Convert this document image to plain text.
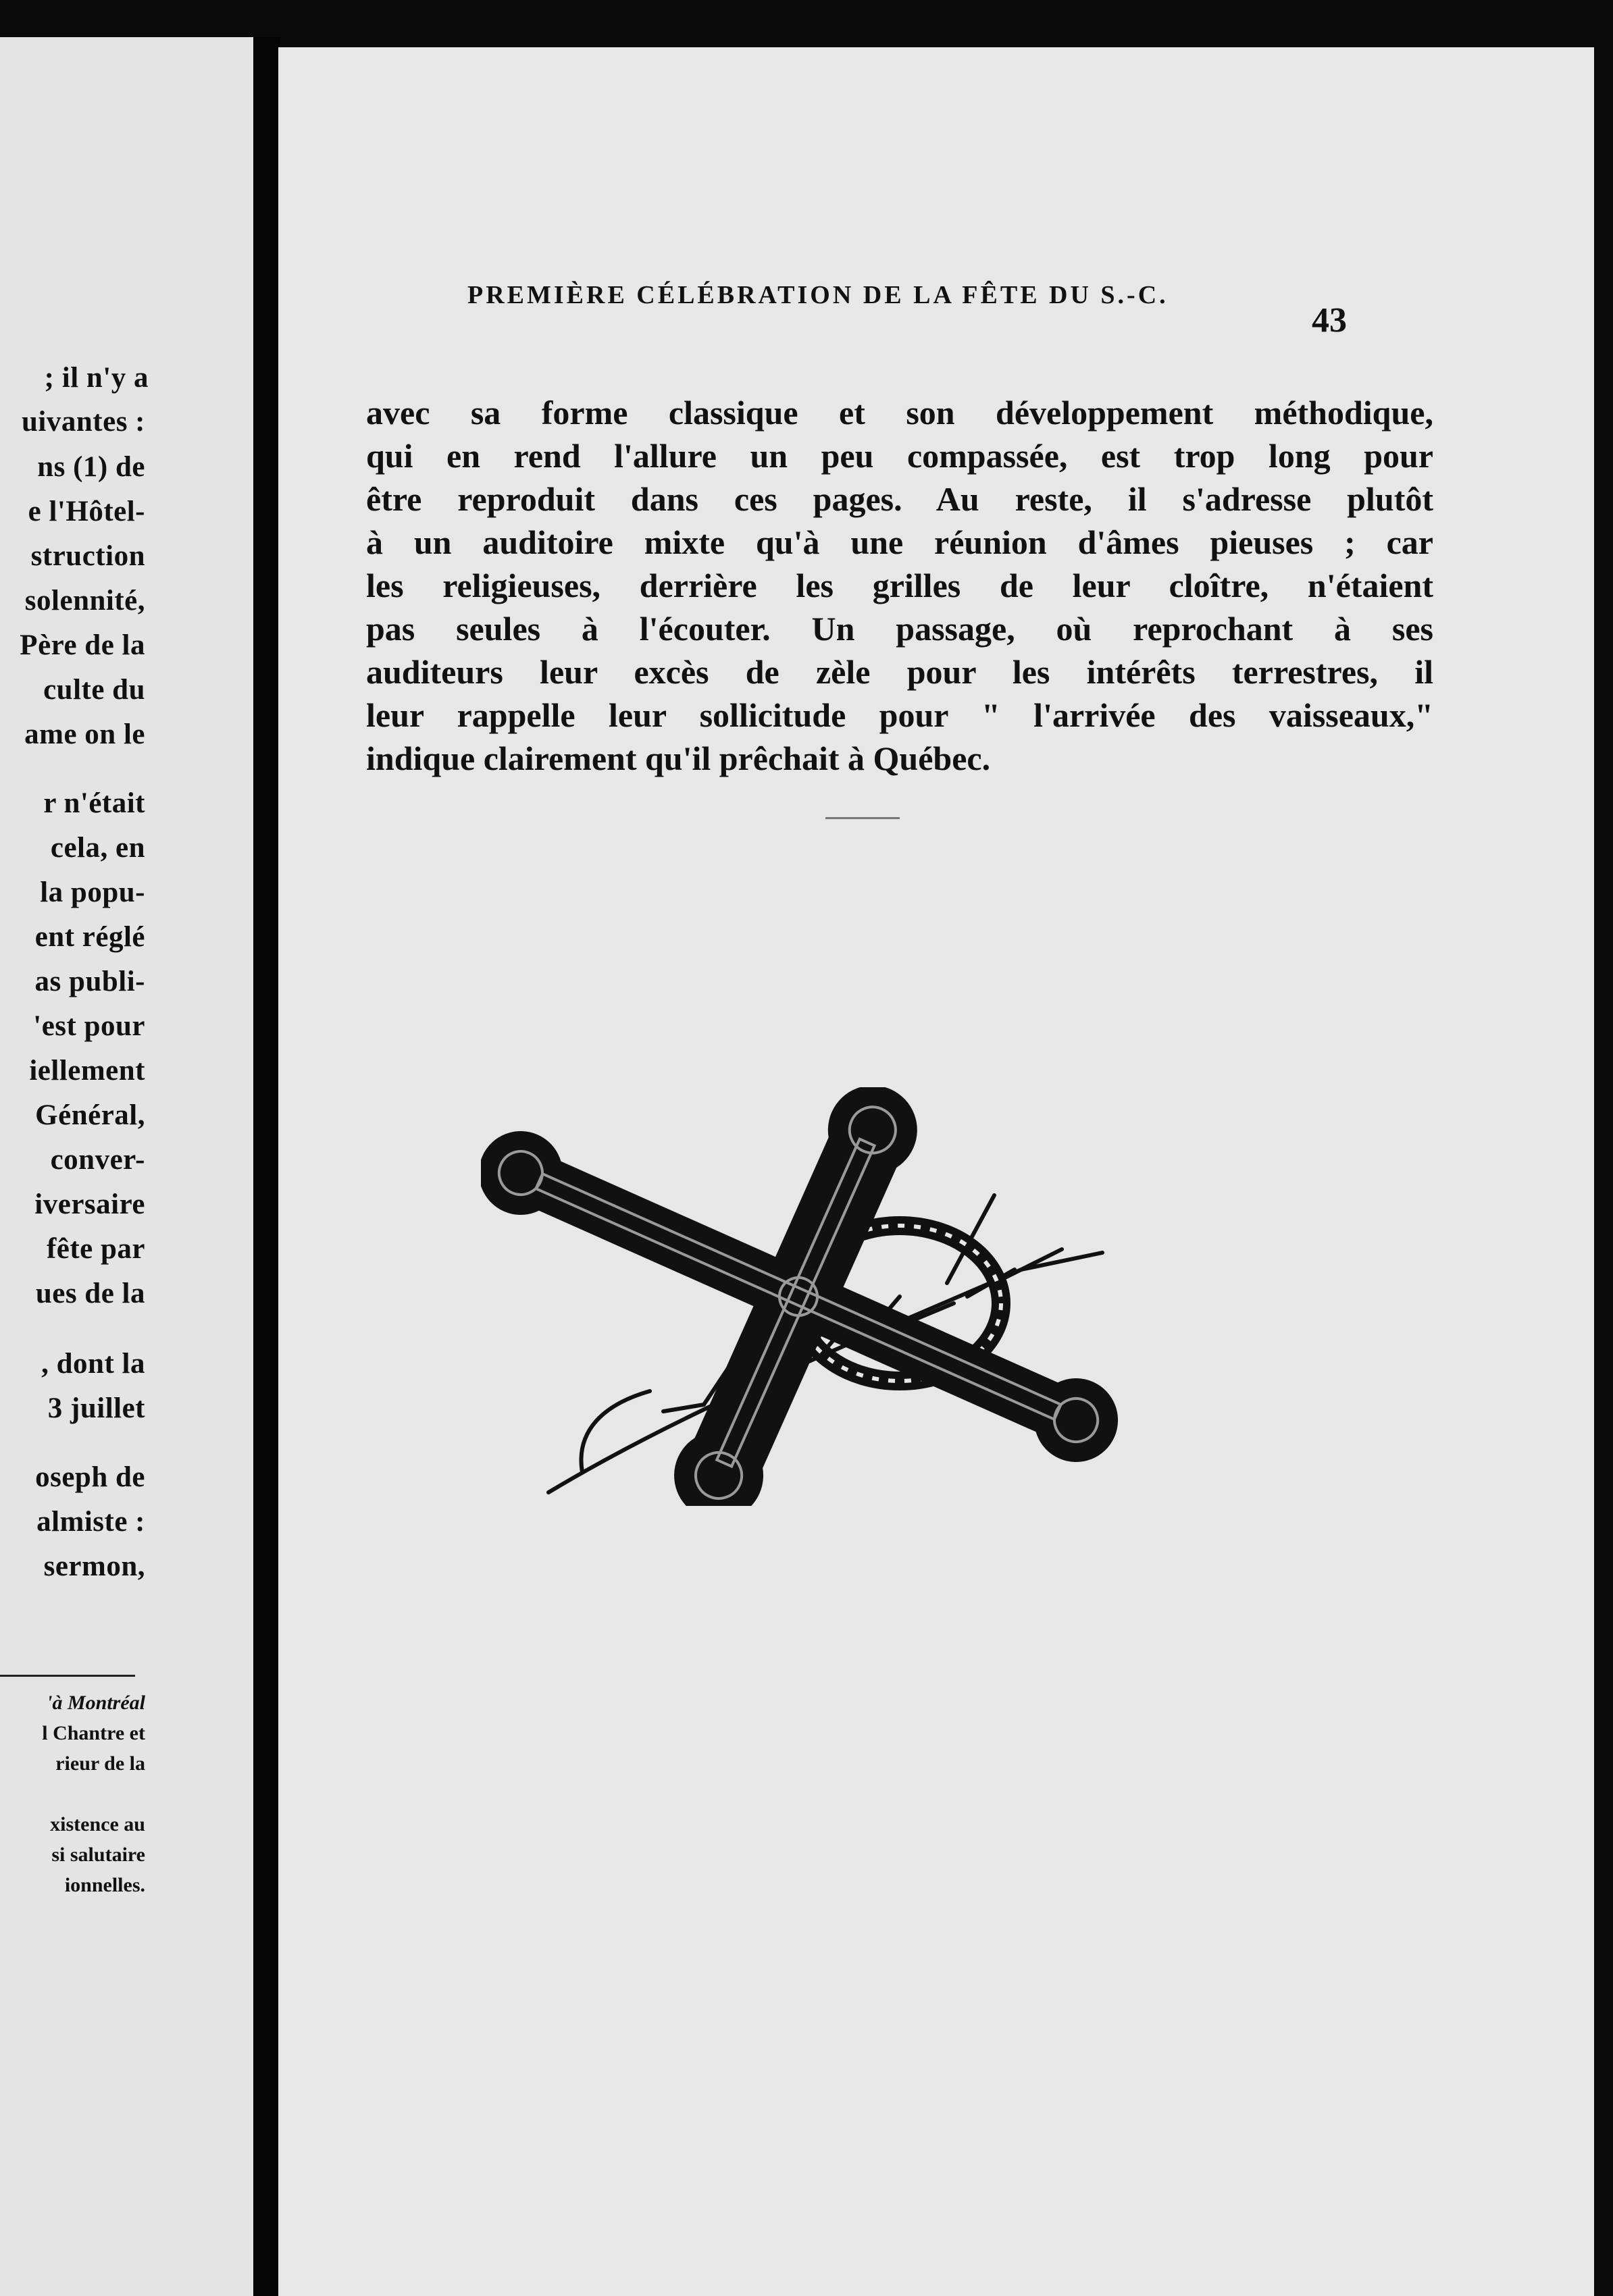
; il n'y a
uivantes :
ns (1) de
e l'Hôtel-
struction
solennité,
Père de la
culte du
ame on le
r n'était
cela, en
la popu-
ent réglé
as publi-
'est pour
iellement
Général,
conver-
iversaire
fête par
ues de la
, dont la
3 juillet
oseph de
almiste :
sermon,
'à Montréal
l Chantre et
rieur de la
xistence au
si salutaire
ionnelles.
PREMIÈRE CÉLÉBRATION DE LA FÊTE DU S.-C.
43
avec sa forme classique et son développement méthodique,
qui en rend l'allure un peu compassée, est trop long pour
être reproduit dans ces pages. Au reste, il s'adresse plutôt
à un auditoire mixte qu'à une réunion d'âmes pieuses ; car
les religieuses, derrière les grilles de leur cloître, n'étaient
pas seules à l'écouter. Un passage, où reprochant à ses
auditeurs leur excès de zèle pour les intérêts terrestres, il
leur rappelle leur sollicitude pour " l'arrivée des vaisseaux,"
indique clairement qu'il prêchait à Québec.
